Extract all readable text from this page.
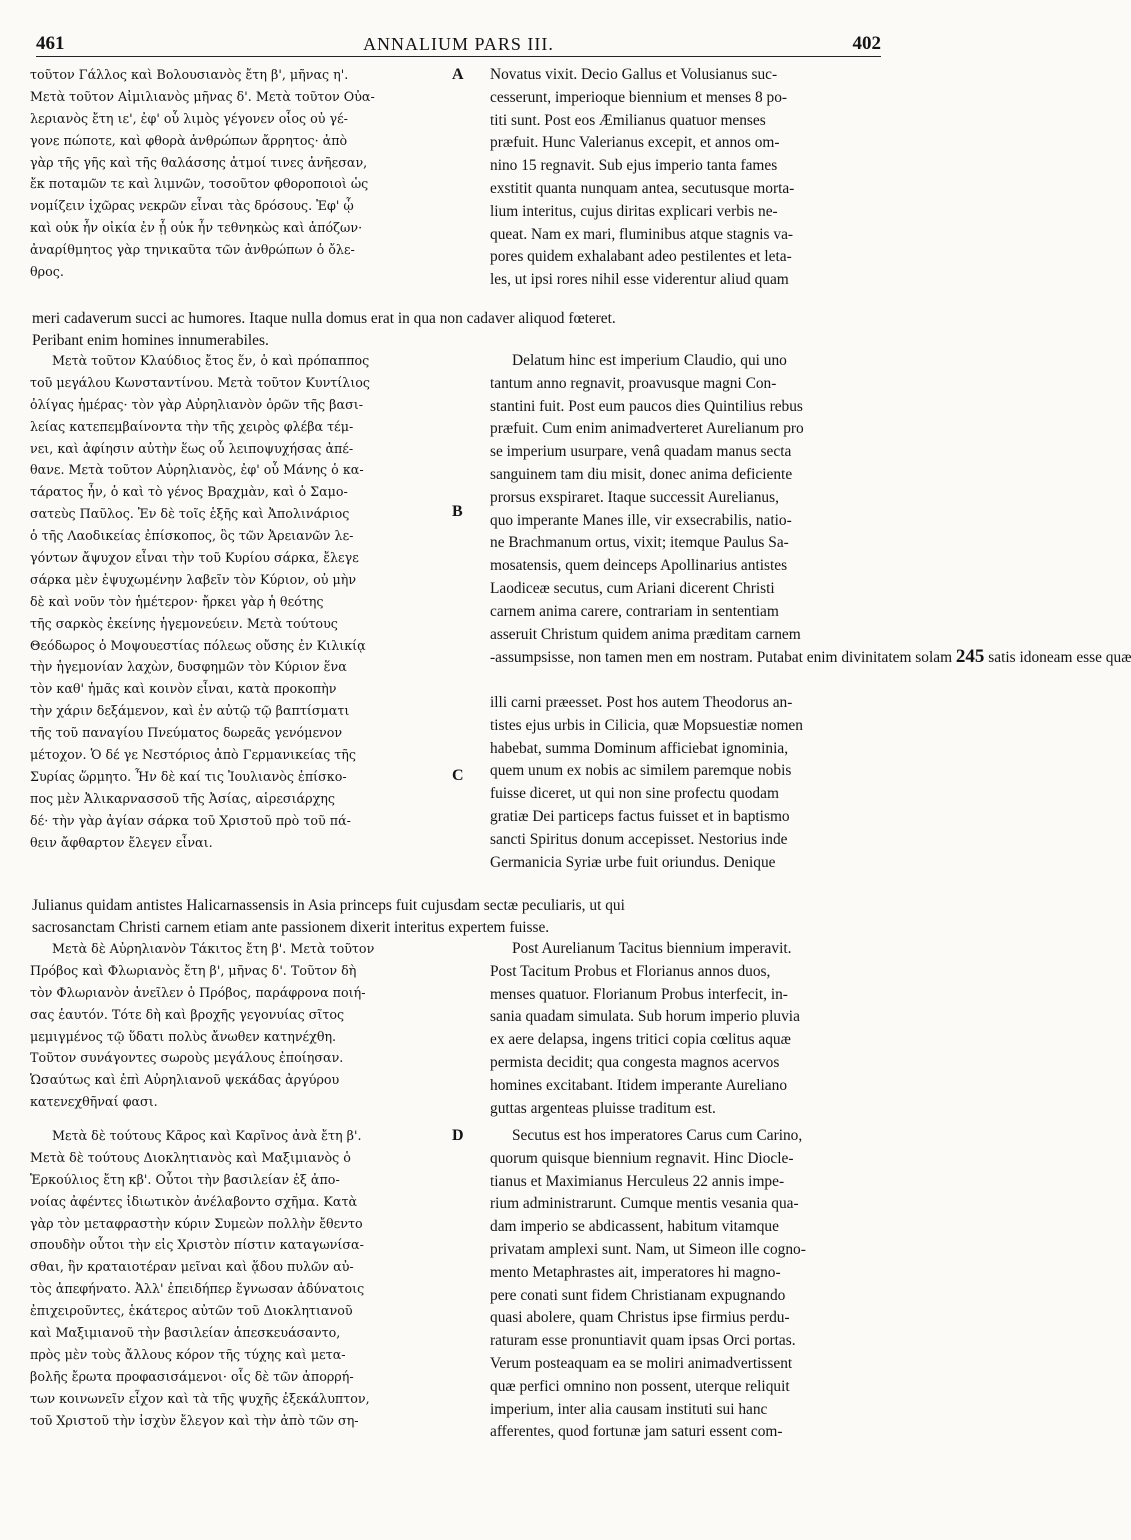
461	ANNALIUM PARS III.	402
τοῦτον Γάλλος καὶ Βολουσιανὸς ἔτη β', μῆνας η'.
Μετὰ τοῦτον Αἰμιλιανὸς μῆνας δ'. Μετὰ τοῦτον Οὐα-
λεριανὸς ἔτη ιε', ἐφ' οὗ λιμὸς γέγονεν οἷος οὐ γέ-
γονε πώποτε, καὶ φθορὰ ἀνθρώπων ἄρρητος· ἀπὸ
γὰρ τῆς γῆς καὶ τῆς θαλάσσης ἀτμοί τινες ἀνῆεσαν,
ἔκ ποταμῶν τε καὶ λιμνῶν, τοσοῦτον φθοροποιοὶ ὡς
νομίζειν ἰχῶρας νεκρῶν εἶναι τὰς δρόσους. Ἐφ' ᾧ
καὶ οὐκ ἦν οἰκία ἐν ᾗ οὐκ ἦν τεθνηκὼς καὶ ἀπόζων·
ἀναρίθμητος γὰρ τηνικαῦτα τῶν ἀνθρώπων ὁ ὄλε-
θρος.
Novatus vixit. Decio Gallus et Volusianus suc-
cesserunt, imperioque biennium et menses 8 po-
titi sunt. Post eos Æmilianus quatuor menses
præfuit. Hunc Valerianus excepit, et annos om-
nino 15 regnavit. Sub ejus imperio tanta fames
exstitit quanta nunquam antea, secutusque morta-
lium interitus, cujus diritas explicari verbis ne-
queat. Nam ex mari, fluminibus atque stagnis va-
pores quidem exhalabant adeo pestilentes et leta-
les, ut ipsi rores nihil esse viderentur aliud quam
A
meri cadaverum succi ac humores. Itaque nulla domus erat in qua non cadaver aliquod fœteret.
Peribant enim homines innumerabiles.
Μετὰ τοῦτον Κλαύδιος ἔτος ἕν, ὁ καὶ πρόπαππος
τοῦ μεγάλου Κωνσταντίνου. Μετὰ τοῦτον Κυντίλιος
ὀλίγας ἡμέρας· τὸν γὰρ Αὐρηλιανὸν ὁρῶν τῆς βασι-
λείας κατεπεμβαίνοντα τὴν τῆς χειρὸς φλέβα τέμ-
νει, καὶ ἀφίησιν αὐτὴν ἕως οὗ λειποψυχήσας ἀπέ-
θανε. Μετὰ τοῦτον Αὐρηλιανὸς, ἐφ' οὗ Μάνης ὁ κα-
τάρατος ἦν, ὁ καὶ τὸ γένος Βραχμὰν, καὶ ὁ Σαμο-
σατεὺς Παῦλος. Ἐν δὲ τοῖς ἑξῆς καὶ Ἀπολινάριος
ὁ τῆς Λαοδικείας ἐπίσκοπος, ὃς τῶν Ἀρειανῶν λε-
γόντων ἄψυχον εἶναι τὴν τοῦ Κυρίου σάρκα, ἔλεγε
σάρκα μὲν ἐψυχωμένην λαβεῖν τὸν Κύριον, οὐ μὴν
δὲ καὶ νοῦν τὸν ἡμέτερον· ἤρκει γὰρ ἡ θεότης
τῆς σαρκὸς ἐκείνης ἡγεμονεύειν. Μετὰ τούτους
Θεόδωρος ὁ Μοψουεστίας πόλεως οὔσης ἐν Κιλικίᾳ
τὴν ἡγεμονίαν λαχὼν, δυσφημῶν τὸν Κύριον ἕνα
τὸν καθ' ἡμᾶς καὶ κοινὸν εἶναι, κατὰ προκοπὴν
τὴν χάριν δεξάμενον, καὶ ἐν αὐτῷ τῷ βαπτίσματι
τῆς τοῦ παναγίου Πνεύματος δωρεᾶς γενόμενον
μέτοχον. Ὁ δέ γε Νεστόριος ἀπὸ Γερμανικείας τῆς
Συρίας ὥρμητο. Ἦν δὲ καί τις Ἰουλιανὸς ἐπίσκο-
πος μὲν Ἀλικαρνασσοῦ τῆς Ἀσίας, αἱρεσιάρχης
δέ· τὴν γὰρ ἁγίαν σάρκα τοῦ Χριστοῦ πρὸ τοῦ πά-
θειν ἄφθαρτον ἔλεγεν εἶναι.
Delatum hinc est imperium Claudio, qui uno
tantum anno regnavit, proavusque magni Con-
stantini fuit. Post eum paucos dies Quintilius rebus
præfuit. Cum enim animadverteret Aurelianum pro
se imperium usurpare, venâ quadam manus secta
sanguinem tam diu misit, donec anima deficiente
prorsus exspiraret. Itaque successit Aurelianus,
quo imperante Manes ille, vir exsecrabilis, natio-
ne Brachmanum ortus, vixit; itemque Paulus Sa-
mosatensis, quem deinceps Apollinarius antistes
Laodiceæ secutus, cum Ariani dicerent Christi
carnem anima carere, contrariam in sententiam
asseruit Christum quidem anima præditam carnem
-assumpsisse, non tamen men em nostram. Putabat enim divinitatem solam 245 satis idoneam esse quæ
illi carni præesset. Post hos autem Theodorus an-
tistes ejus urbis in Cilicia, quæ Mopsuestiæ nomen
habebat, summa Dominum afficiebat ignominia,
quem unum ex nobis ac similem paremque nobis
fuisse diceret, ut qui non sine profectu quodam
gratiæ Dei particeps factus fuisset et in baptismo
sancti Spiritus donum accepisset. Nestorius inde
Germanicia Syriæ urbe fuit oriundus. Denique
B
C
Julianus quidam antistes Halicarnassensis in Asia princeps fuit cujusdam sectæ peculiaris, ut qui
sacrosanctam Christi carnem etiam ante passionem dixerit interitus expertem fuisse.
Μετὰ δὲ Αὐρηλιανὸν Τάκιτος ἔτη β'. Μετὰ τοῦτον
Πρόβος καὶ Φλωριανὸς ἔτη β', μῆνας δ'. Τοῦτον δὴ
τὸν Φλωριανὸν ἀνεῖλεν ὁ Πρόβος, παράφρονα ποιή-
σας ἑαυτόν. Τότε δὴ καὶ βροχῆς γεγονυίας σῖτος
μεμιγμένος τῷ ὕδατι πολὺς ἄνωθεν κατηνέχθη.
Τοῦτον συνάγοντες σωροὺς μεγάλους ἐποίησαν.
Ὡσαύτως καὶ ἐπὶ Αὐρηλιανοῦ ψεκάδας ἀργύρου
κατενεχθῆναί φασι.
Post Aurelianum Tacitus biennium imperavit.
Post Tacitum Probus et Florianus annos duos,
menses quatuor. Florianum Probus interfecit, in-
sania quadam simulata. Sub horum imperio pluvia
ex aere delapsa, ingens tritici copia cœlitus aquæ
permista decidit; qua congesta magnos acervos
homines excitabant. Itidem imperante Aureliano
guttas argenteas pluisse traditum est.
Μετὰ δὲ τούτους Κᾶρος καὶ Καρῖνος ἀνὰ ἔτη β'.
Μετὰ δὲ τούτους Διοκλητιανὸς καὶ Μαξιμιανὸς ὁ
Ἑρκούλιος ἔτη κβ'. Οὗτοι τὴν βασιλείαν ἐξ ἀπο-
νοίας ἀφέντες ἰδιωτικὸν ἀνέλαβοντο σχῆμα. Κατὰ
γὰρ τὸν μεταφραστὴν κύριν Συμεὼν πολλὴν ἔθεντο
σπουδὴν οὗτοι τὴν εἰς Χριστὸν πίστιν καταγωνίσα-
σθαι, ἣν κραταιοτέραν μεῖναι καὶ ᾅδου πυλῶν αὐ-
τὸς ἀπεφήνατο. Ἀλλ' ἐπειδήπερ ἔγνωσαν ἀδύνατοις
ἐπιχειροῦντες, ἑκάτερος αὐτῶν τοῦ Διοκλητιανοῦ
καὶ Μαξιμιανοῦ τὴν βασιλείαν ἀπεσκευάσαντο,
πρὸς μὲν τοὺς ἄλλους κόρον τῆς τύχης καὶ μετα-
βολῆς ἔρωτα προφασισάμενοι· οἷς δὲ τῶν ἀπορρή-
των κοινωνεῖν εἶχον καὶ τὰ τῆς ψυχῆς ἐξεκάλυπτον,
τοῦ Χριστοῦ τὴν ἰσχὺν ἔλεγον καὶ τὴν ἀπὸ τῶν ση-
Secutus est hos imperatores Carus cum Carino,
quorum quisque biennium regnavit. Hinc Diocle-
tianus et Maximianus Herculeus 22 annis impe-
rium administrarunt. Cumque mentis vesania qua-
dam imperio se abdicassent, habitum vitamque
privatam amplexi sunt. Nam, ut Simeon ille cogno-
mento Metaphrastes ait, imperatores hi magno-
pere conati sunt fidem Christianam expugnando
quasi abolere, quam Christus ipse firmius perdu-
raturam esse pronuntiavit quam ipsas Orci portas.
Verum posteaquam ea se moliri animadvertissent
quæ perfici omnino non possent, uterque reliquit
imperium, inter alia causam instituti sui hanc
afferentes, quod fortunæ jam saturi essent com-
D
